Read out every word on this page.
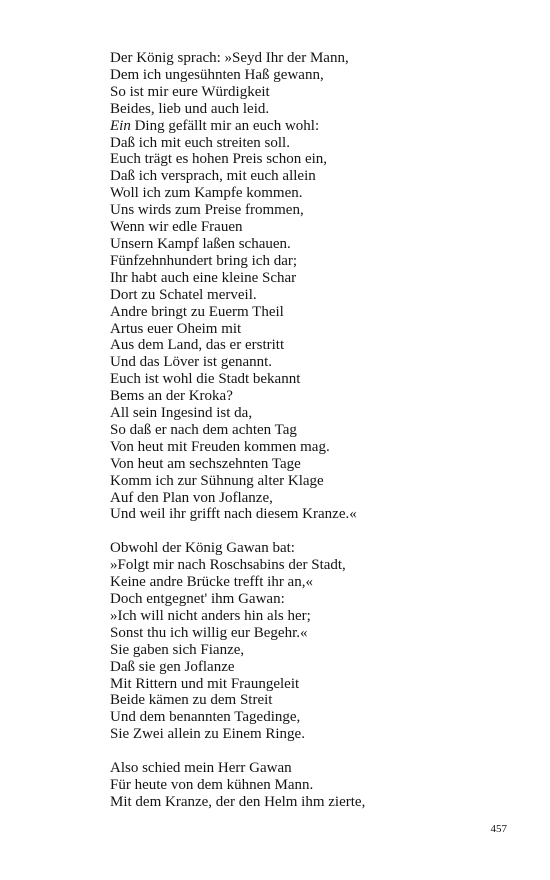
Der König sprach: »Seyd Ihr der Mann,
Dem ich ungesühnten Haß gewann,
So ist mir eure Würdigkeit
Beides, lieb und auch leid.
Ein Ding gefällt mir an euch wohl:
Daß ich mit euch streiten soll.
Euch trägt es hohen Preis schon ein,
Daß ich versprach, mit euch allein
Woll ich zum Kampfe kommen.
Uns wirds zum Preise frommen,
Wenn wir edle Frauen
Unsern Kampf laßen schauen.
Fünfzehnhundert bring ich dar;
Ihr habt auch eine kleine Schar
Dort zu Schatel merveil.
Andre bringt zu Euerm Theil
Artus euer Oheim mit
Aus dem Land, das er erstritt
Und das Löver ist genannt.
Euch ist wohl die Stadt bekannt
Bems an der Kroka?
All sein Ingesind ist da,
So daß er nach dem achten Tag
Von heut mit Freuden kommen mag.
Von heut am sechszehnten Tage
Komm ich zur Sühnung alter Klage
Auf den Plan von Joflanze,
Und weil ihr grifft nach diesem Kranze.«
Obwohl der König Gawan bat:
»Folgt mir nach Roschsabins der Stadt,
Keine andre Brücke trefft ihr an,«
Doch entgegnet' ihm Gawan:
»Ich will nicht anders hin als her;
Sonst thu ich willig eur Begehr.«
Sie gaben sich Fianze,
Daß sie gen Joflanze
Mit Rittern und mit Fraungeleit
Beide kämen zu dem Streit
Und dem benannten Tagedinge,
Sie Zwei allein zu Einem Ringe.
Also schied mein Herr Gawan
Für heute von dem kühnen Mann.
Mit dem Kranze, der den Helm ihm zierte,
457
